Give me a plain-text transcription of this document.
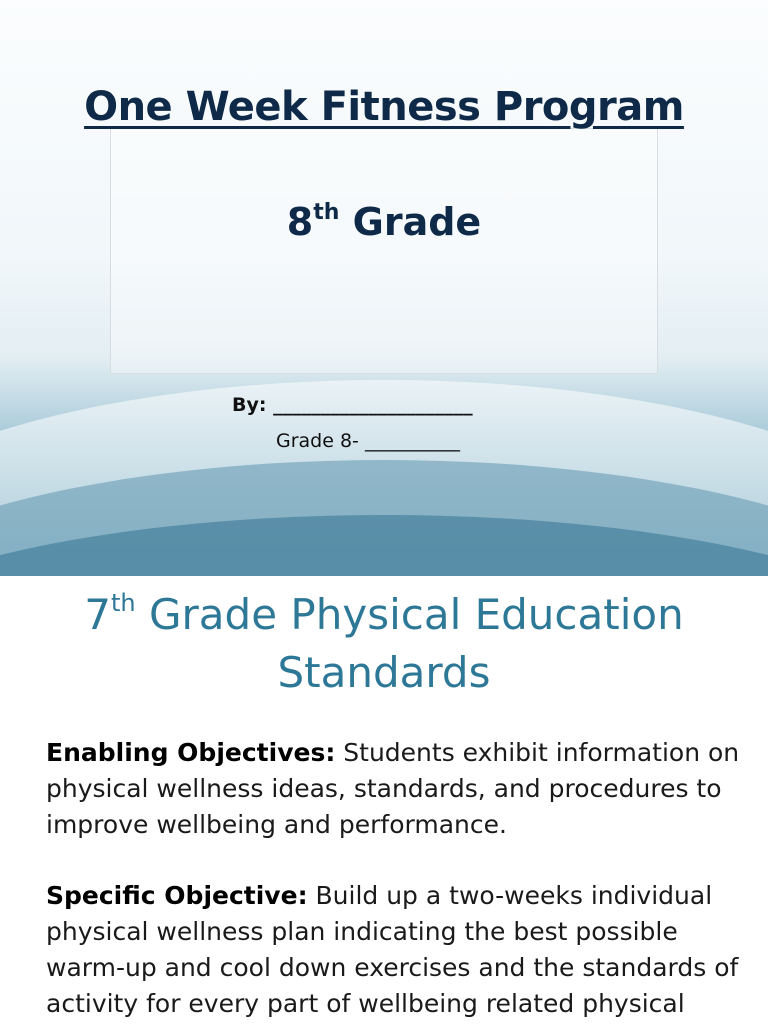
One Week Fitness Program
8th Grade
By: _____________________
Grade 8- __________
7th Grade Physical Education Standards

Enabling Objectives: Students exhibit information on physical wellness ideas, standards, and procedures to improve wellbeing and performance.

Specific Objective: Build up a two-weeks individual physical wellness plan indicating the best possible warm-up and cool down exercises and the standards of activity for every part of wellbeing related physical
